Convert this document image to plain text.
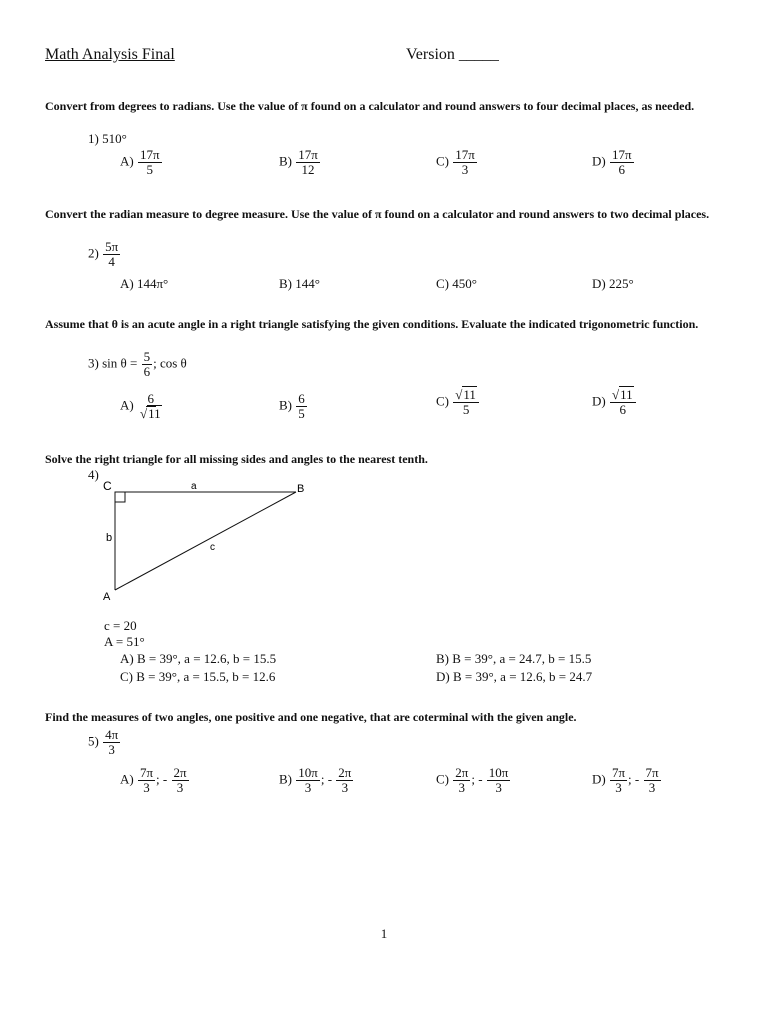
Math Analysis Final	Version _____
Convert from degrees to radians. Use the value of π found on a calculator and round answers to four decimal places, as needed.
1) 510°
$A) \frac{17\pi}{5}$	$B) \frac{17\pi}{12}$	$C) \frac{17\pi}{3}$	$D) \frac{17\pi}{6}$
Convert the radian measure to degree measure. Use the value of π found on a calculator and round answers to two decimal places.
$2) \frac{5\pi}{4}$
A) 144π°	B) 144°	C) 450°	D) 225°
Assume that θ is an acute angle in a right triangle satisfying the given conditions. Evaluate the indicated trigonometric function.
3) $\sin \theta = \frac{5}{6}$ ; cos θ
$A) \frac{6}{√11}$	$B) \frac{6}{5}$	$C) \frac{√11}{5}$	$D) \frac{√11}{6}$
Solve the right triangle for all missing sides and angles to the nearest tenth.
4)
C	B
A
a
b
c
c = 20
A = 51°
A) B = 39°, a = 12.6, b = 15.5	B) B = 39°, a = 24.7, b = 15.5
C) B = 39°, a = 15.5, b = 12.6	D) B = 39°, a = 12.6, b = 24.7
Find the measures of two angles, one positive and one negative, that are coterminal with the given angle.
$5) \frac{4\pi}{3}$
$A) \frac{7\pi}{3}$ ; - $\frac{2\pi}{3}$	$B) \frac{10\pi}{3}$ ; - $\frac{2\pi}{3}$	$C) \frac{2\pi}{3}$ ; - $\frac{10\pi}{3}$	$D) \frac{7\pi}{3}$ ; - $\frac{7\pi}{3}$
1
